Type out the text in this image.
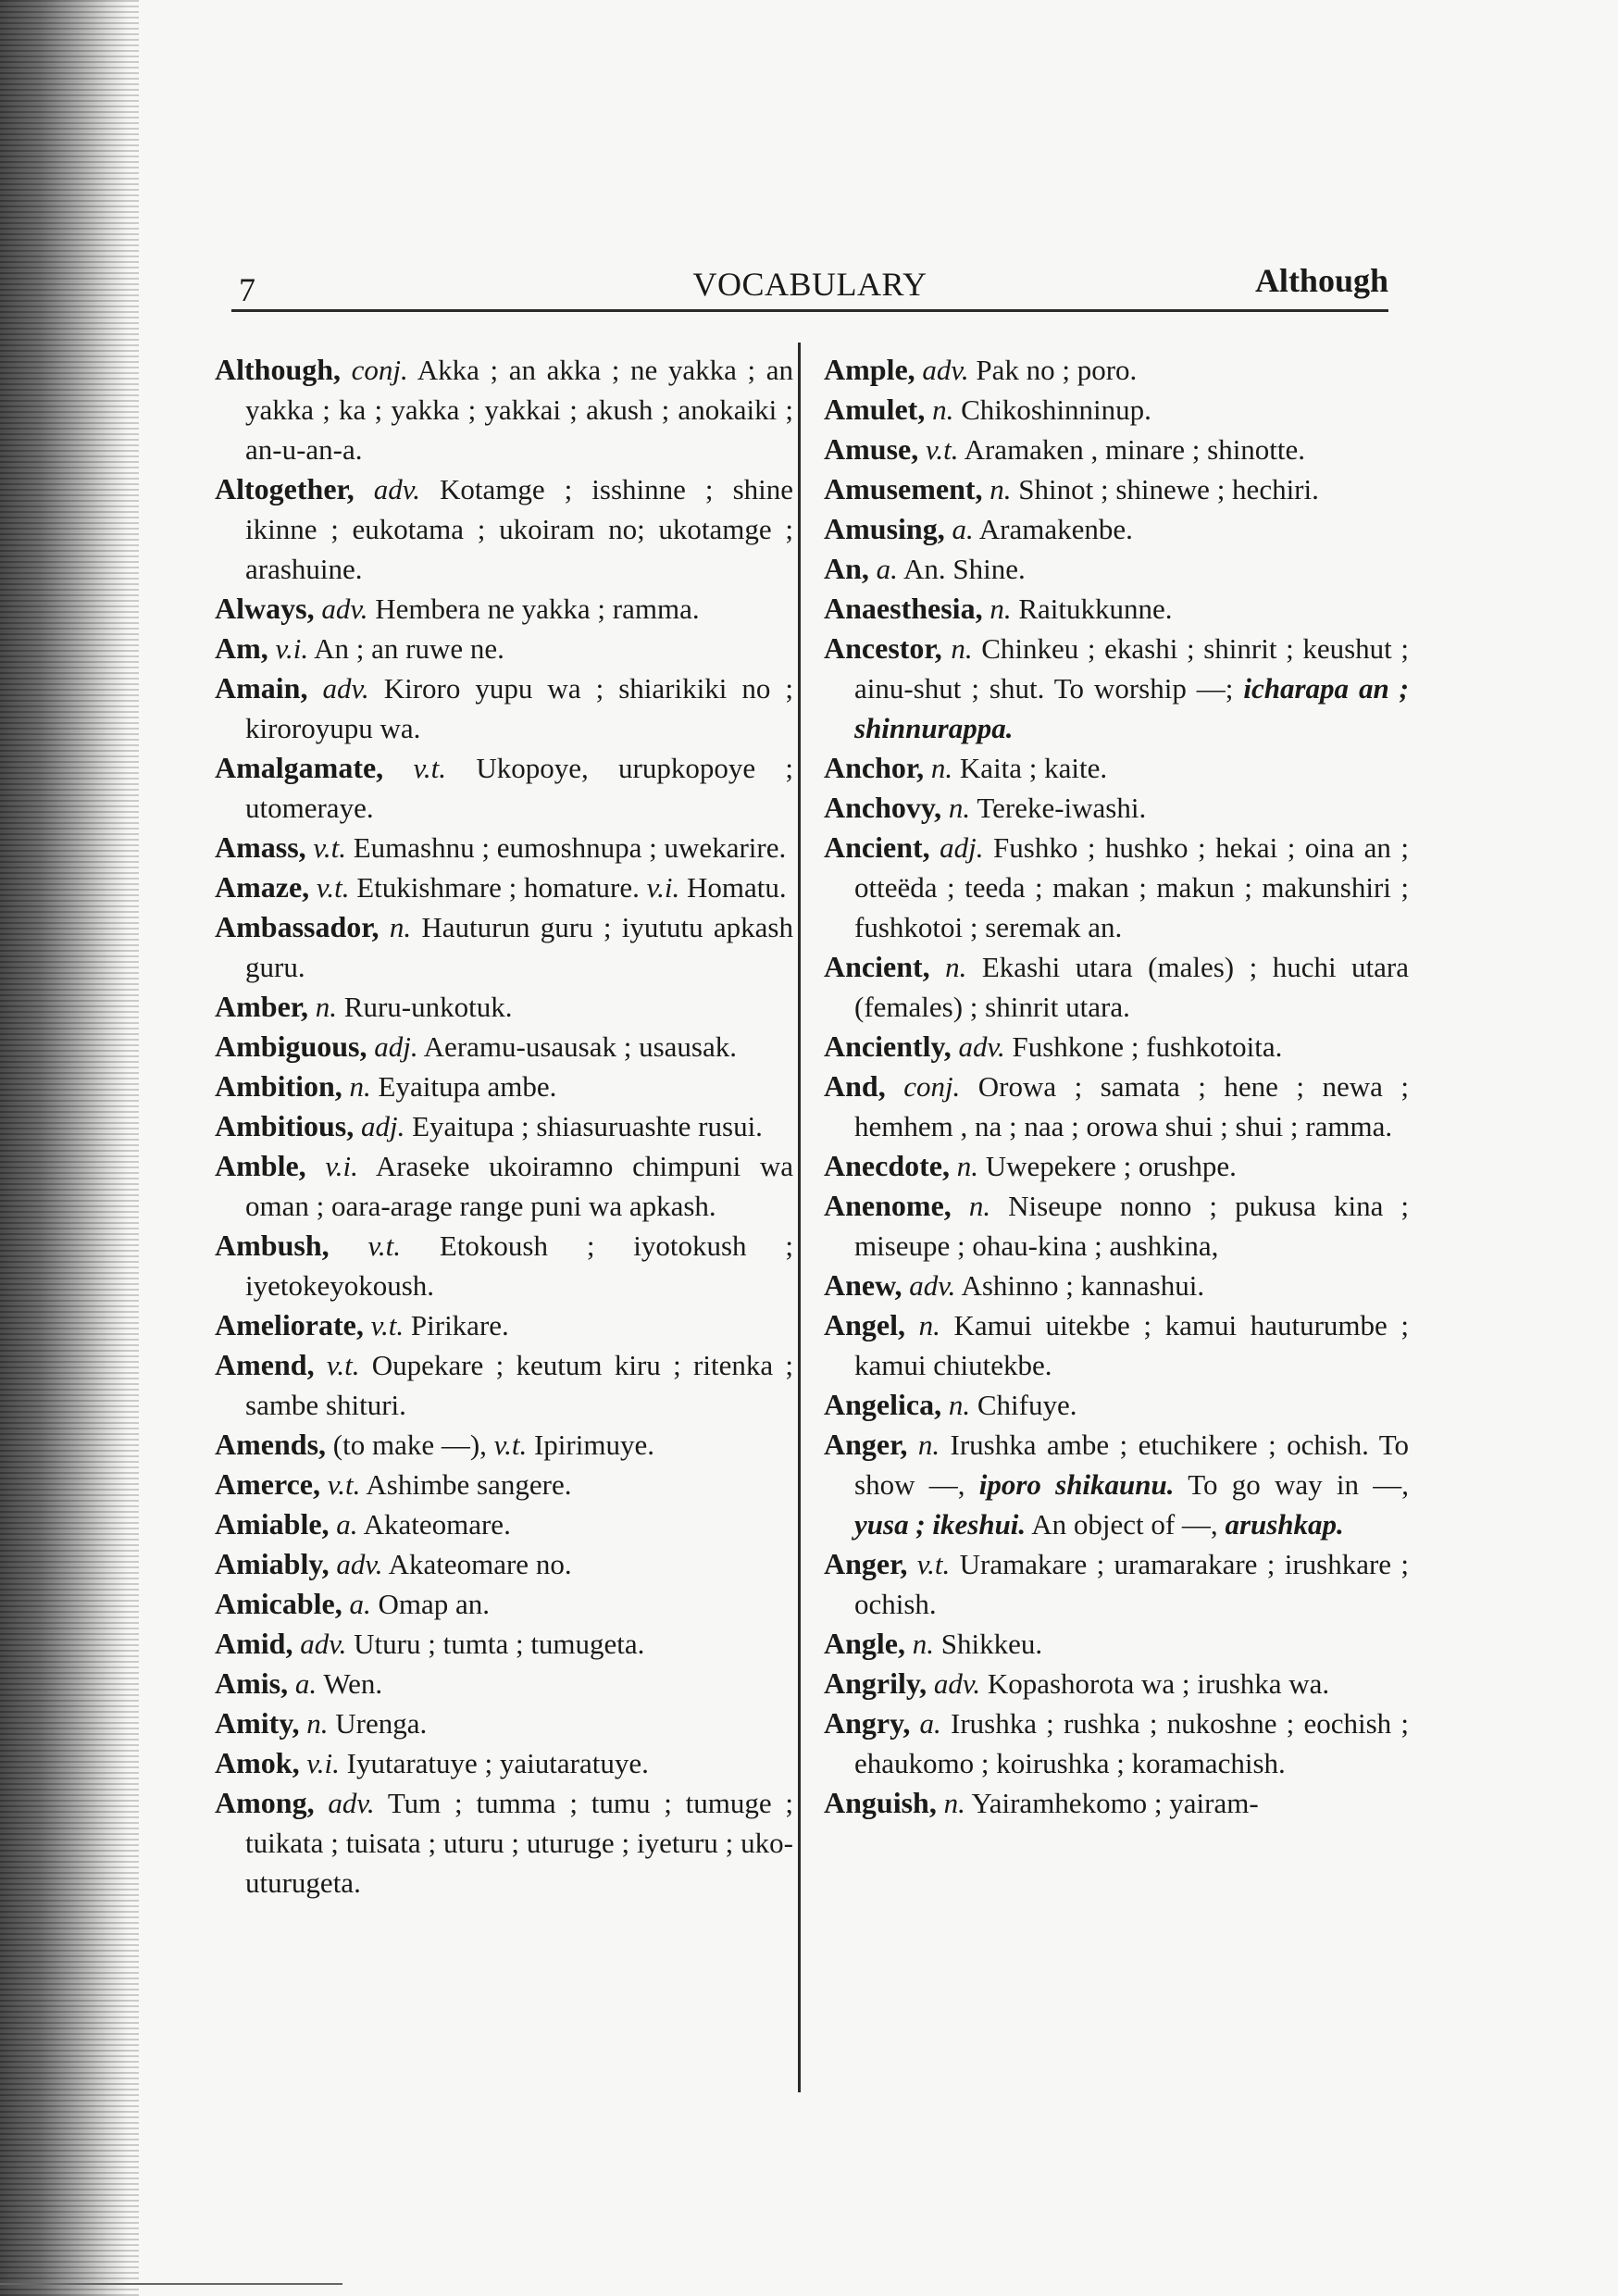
7	VOCABULARY	Although
Although, conj. Akka ; an akka ; ne yakka ; an yakka ; ka ; yakka ; yakkai ; akush ; anokaiki ; an-u-an-a.
Altogether, adv. Kotamge ; isshinne ; shine ikinne ; eukotama ; ukoiram no; ukotamge ; arashuine.
Always, adv. Hembera ne yakka ; ramma.
Am, v.i. An ; an ruwe ne.
Amain, adv. Kiroro yupu wa ; shiarikiki no ; kiroroyupu wa.
Amalgamate, v.t. Ukopoye, urupkopoye ; utomeraye.
Amass, v.t. Eumashnu ; eumoshnupa ; uwekarire.
Amaze, v.t. Etukishmare ; homature. v.i. Homatu.
Ambassador, n. Hauturun guru ; iyututu apkash guru.
Amber, n. Ruru-unkotuk.
Ambiguous, adj. Aeramu-usausak ; usausak.
Ambition, n. Eyaitupa ambe.
Ambitious, adj. Eyaitupa ; shiasuruashte rusui.
Amble, v.i. Araseke ukoiramno chimpuni wa oman ; oara-arage range puni wa apkash.
Ambush, v.t. Etokoush ; iyotokush ; iyetokeyokoush.
Ameliorate, v.t. Pirikare.
Amend, v.t. Oupekare ; keutum kiru ; ritenka ; sambe shituri.
Amends, (to make —), v.t. Ipirimuye.
Amerce, v.t. Ashimbe sangere.
Amiable, a. Akateomare.
Amiably, adv. Akateomare no.
Amicable, a. Omap an.
Amid, adv. Uturu ; tumta ; tumugeta.
Amis, a. Wen.
Amity, n. Urenga.
Amok, v.i. Iyutaratuye ; yaiutaratuye.
Among, adv. Tum ; tumma ; tumu ; tumuge ; tuikata ; tuisata ; uturu ; uturuge ; iyeturu ; uko-uturugeta.
Ample, adv. Pak no ; poro.
Amulet, n. Chikoshinninup.
Amuse, v.t. Aramaken , minare ; shinotte.
Amusement, n. Shinot ; shinewe ; hechiri.
Amusing, a. Aramakenbe.
An, a. An. Shine.
Anaesthesia, n. Raitukkunne.
Ancestor, n. Chinkeu ; ekashi ; shinrit ; keushut ; ainu-shut ; shut. To worship —; icharapa an ; shinnurappa.
Anchor, n. Kaita ; kaite.
Anchovy, n. Tereke-iwashi.
Ancient, adj. Fushko ; hushko ; hekai ; oina an ; otteëda ; teeda ; makan ; makun ; makunshiri ; fushkotoi ; seremak an.
Ancient, n. Ekashi utara (males) ; huchi utara (females) ; shinrit utara.
Anciently, adv. Fushkone ; fushkotoita.
And, conj. Orowa ; samata ; hene ; newa ; hemhem , na ; naa ; orowa shui ; shui ; ramma.
Anecdote, n. Uwepekere ; orushpe.
Anenome, n. Niseupe nonno ; pukusa kina ; miseupe ; ohau-kina ; aushkina,
Anew, adv. Ashinno ; kannashui.
Angel, n. Kamui uitekbe ; kamui hauturumbe ; kamui chiutekbe.
Angelica, n. Chifuye.
Anger, n. Irushka ambe ; etuchikere ; ochish. To show —, iporo shikaunu. To go way in —, yusa ; ikeshui. An object of —, arushkap.
Anger, v.t. Uramakare ; uramarakare ; irushkare ; ochish.
Angle, n. Shikkeu.
Angrily, adv. Kopashorota wa ; irushka wa.
Angry, a. Irushka ; rushka ; nukoshne ; eochish ; ehaukomo ; koirushka ; koramachish.
Anguish, n. Yairamhekomo ; yairam-
